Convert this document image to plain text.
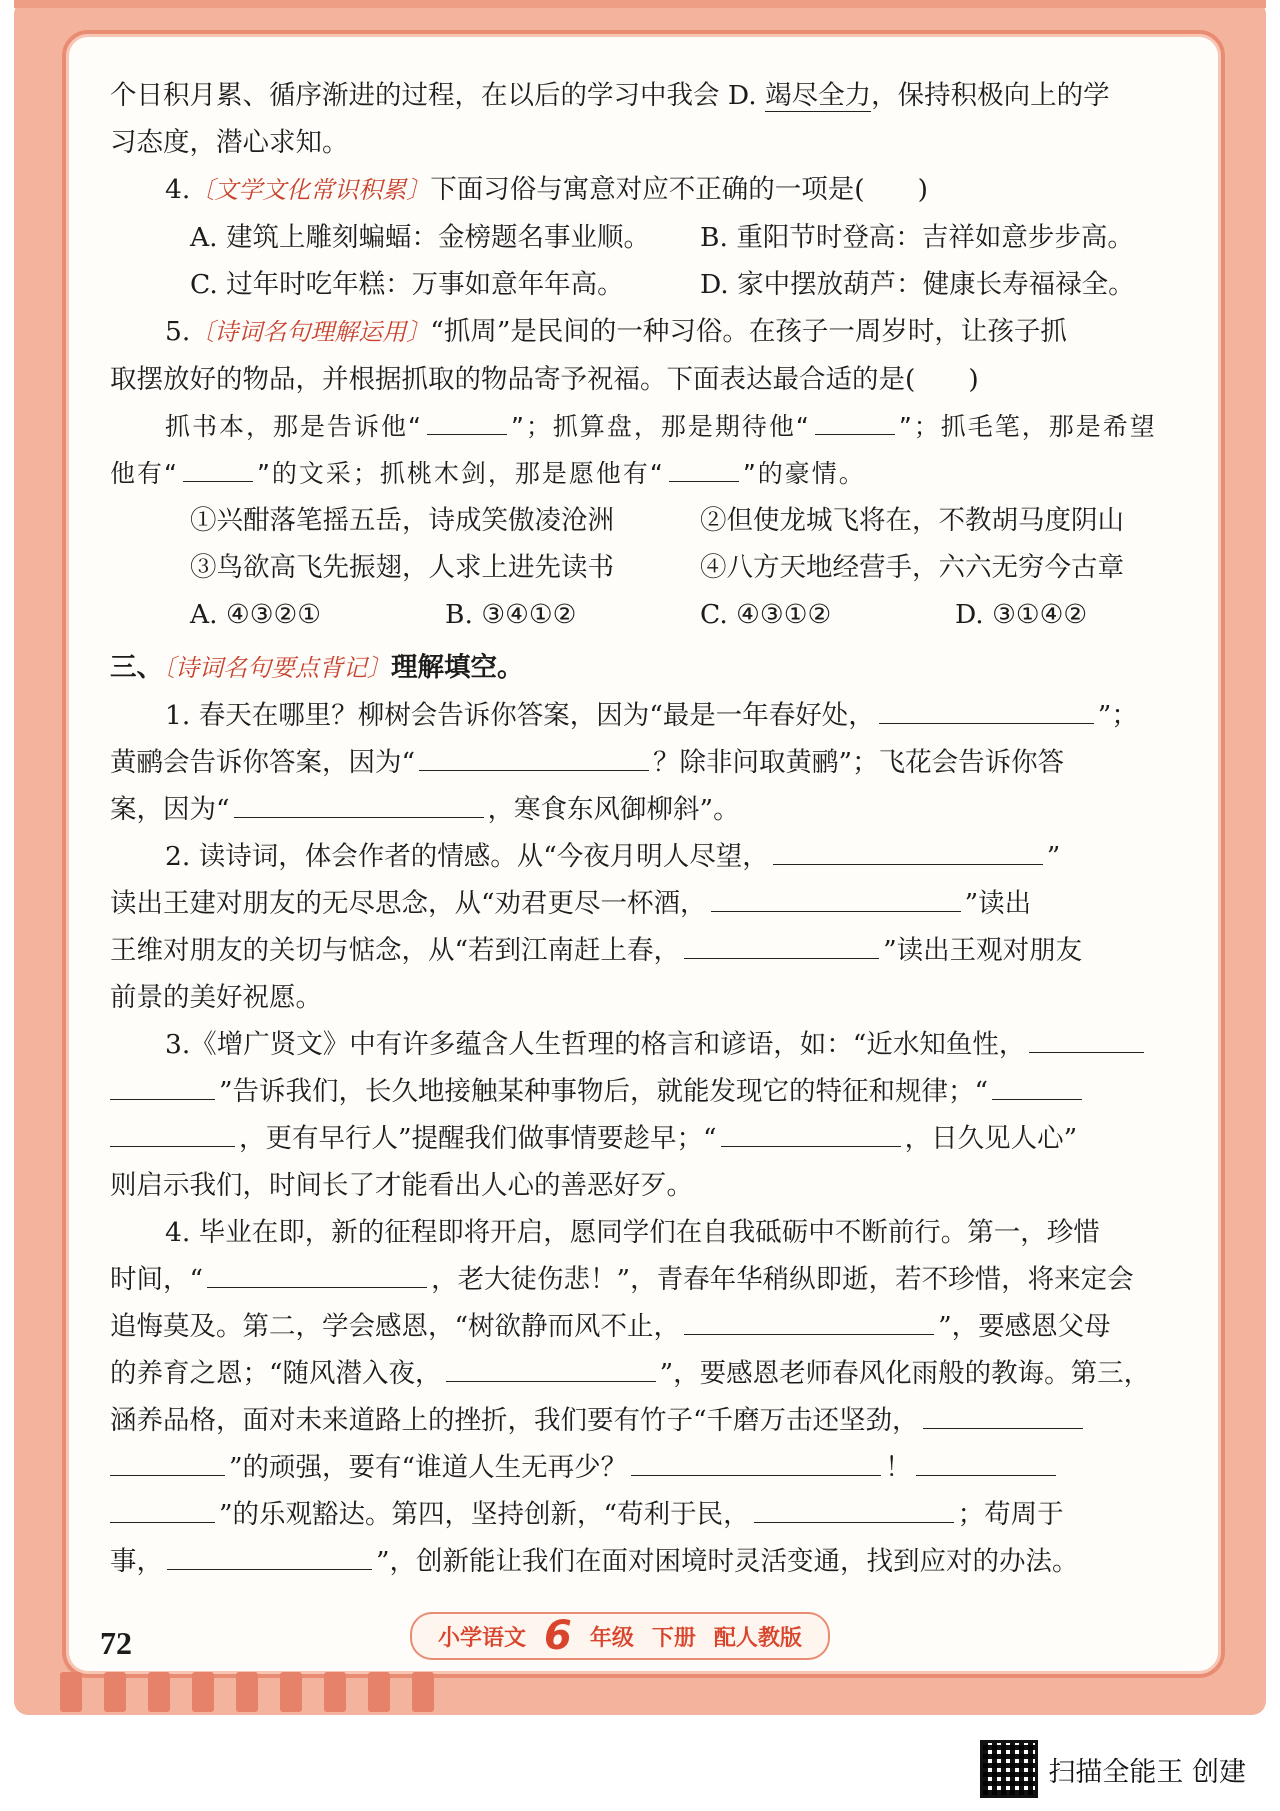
个日积月累、循序渐进的过程，在以后的学习中我会 D. 竭尽全力，保持积极向上的学

习态度，潜心求知。

4.〔文学文化常识积累〕下面习俗与寓意对应不正确的一项是(　　)

A. 建筑上雕刻蝙蝠：金榜题名事业顺。	B. 重阳节时登高：吉祥如意步步高。
C. 过年时吃年糕：万事如意年年高。	D. 家中摆放葫芦：健康长寿福禄全。

5.〔诗词名句理解运用〕“抓周”是民间的一种习俗。在孩子一周岁时，让孩子抓

取摆放好的物品，并根据抓取的物品寄予祝福。下面表达最合适的是(　　)

抓书本，那是告诉他“	”；抓算盘，那是期待他“	”；抓毛笔，那是希望

他有“	”的文采；抓桃木剑，那是愿他有“	”的豪情。

①兴酣落笔摇五岳，诗成笑傲凌沧洲	②但使龙城飞将在，不教胡马度阴山
③鸟欲高飞先振翅，人求上进先读书	④八方天地经营手，六六无穷今古章
A. ④③②①	B. ③④①②	C. ④③①②	D. ③①④②

三、〔诗词名句要点背记〕理解填空。

1. 春天在哪里？柳树会告诉你答案，因为“最是一年春好处，	”；

黄鹂会告诉你答案，因为“	？除非问取黄鹂”；飞花会告诉你答

案，因为“	，寒食东风御柳斜”。

2. 读诗词，体会作者的情感。从“今夜月明人尽望，	”

读出王建对朋友的无尽思念，从“劝君更尽一杯酒，	”读出

王维对朋友的关切与惦念，从“若到江南赶上春，	”读出王观对朋友

前景的美好祝愿。

3.《增广贤文》中有许多蕴含人生哲理的格言和谚语，如：“近水知鱼性，

”告诉我们，长久地接触某种事物后，就能发现它的特征和规律；“

，更有早行人”提醒我们做事情要趁早；“	，日久见人心”

则启示我们，时间长了才能看出人心的善恶好歹。

4. 毕业在即，新的征程即将开启，愿同学们在自我砥砺中不断前行。第一，珍惜

时间，“	，老大徒伤悲！”，青春年华稍纵即逝，若不珍惜，将来定会

追悔莫及。第二，学会感恩，“树欲静而风不止，	”，要感恩父母

的养育之恩；“随风潜入夜，	”，要感恩老师春风化雨般的教诲。第三，

涵养品格，面对未来道路上的挫折，我们要有竹子“千磨万击还坚劲，

”的顽强，要有“谁道人生无再少？	！

”的乐观豁达。第四，坚持创新，“苟利于民，	；苟周于

事，	”，创新能让我们在面对困境时灵活变通，找到应对的办法。

72	小学语文 6 年级 下册 配人教版
扫描全能王 创建
